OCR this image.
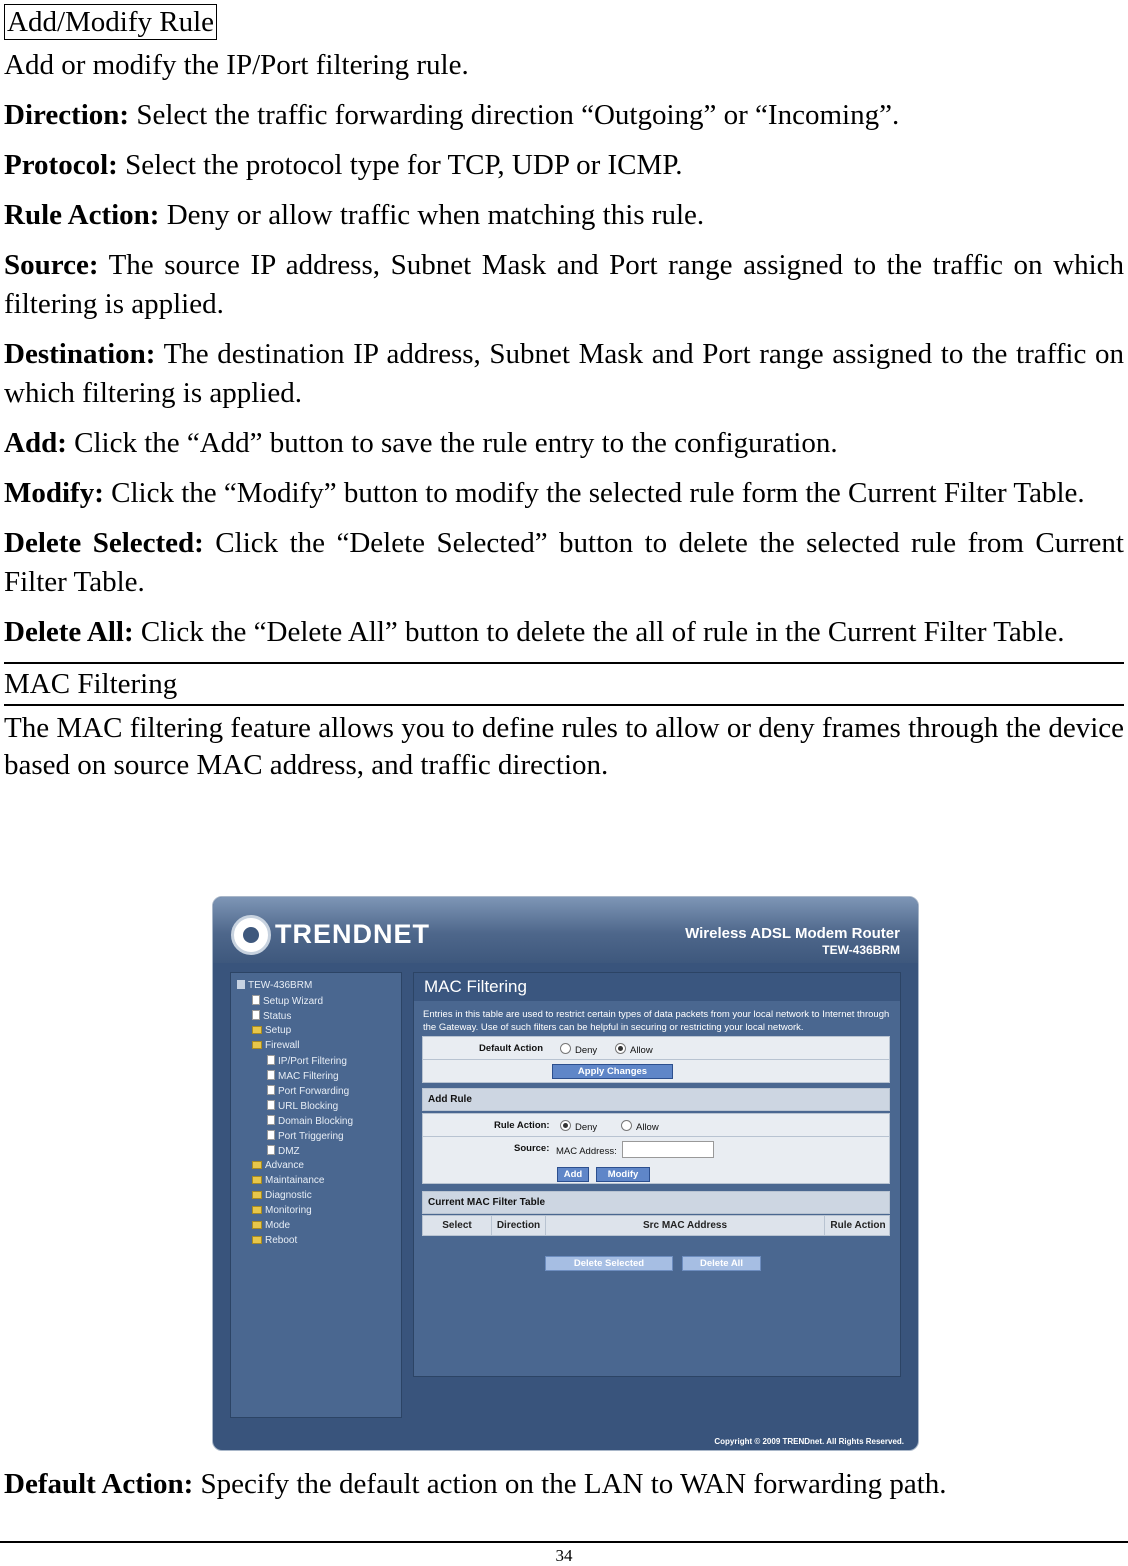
Add/Modify Rule

Add or modify the IP/Port filtering rule.

Direction: Select the traffic forwarding direction “Outgoing” or “Incoming”.

Protocol: Select the protocol type for TCP, UDP or ICMP.

Rule Action: Deny or allow traffic when matching this rule.

Source: The source IP address, Subnet Mask and Port range assigned to the traffic on which filtering is applied.

Destination: The destination IP address, Subnet Mask and Port range assigned to the traffic on which filtering is applied.

Add: Click the “Add” button to save the rule entry to the configuration.

Modify: Click the “Modify” button to modify the selected rule form the Current Filter Table.

Delete Selected: Click the “Delete Selected” button to delete the selected rule from Current Filter Table.

Delete All: Click the “Delete All” button to delete the all of rule in the Current Filter Table.

MAC Filtering

The MAC filtering feature allows you to define rules to allow or deny frames through the device based on source MAC address, and traffic direction.

TRENDNET	Wireless ADSL Modem Router
TEW-436BRM
TEW-436BRM
Setup Wizard
Status
Setup
Firewall
IP/Port Filtering
MAC Filtering
Port Forwarding
URL Blocking
Domain Blocking
Port Triggering
DMZ
Advance
Maintainance
Diagnostic
Monitoring
Mode
Reboot
MAC Filtering
Entries in this table are used to restrict certain types of data packets from your local network to Internet through the Gateway. Use of such filters can be helpful in securing or restricting your local network.
Default Action	Deny	Allow
Apply Changes
Add Rule
Rule Action:	Deny	Allow
Source: MAC Address:
Add	Modify
Current MAC Filter Table
Select	Direction	Src MAC Address	Rule Action
Delete Selected	Delete All
Copyright © 2009 TRENDnet. All Rights Reserved.

Default Action: Specify the default action on the LAN to WAN forwarding path.

34
